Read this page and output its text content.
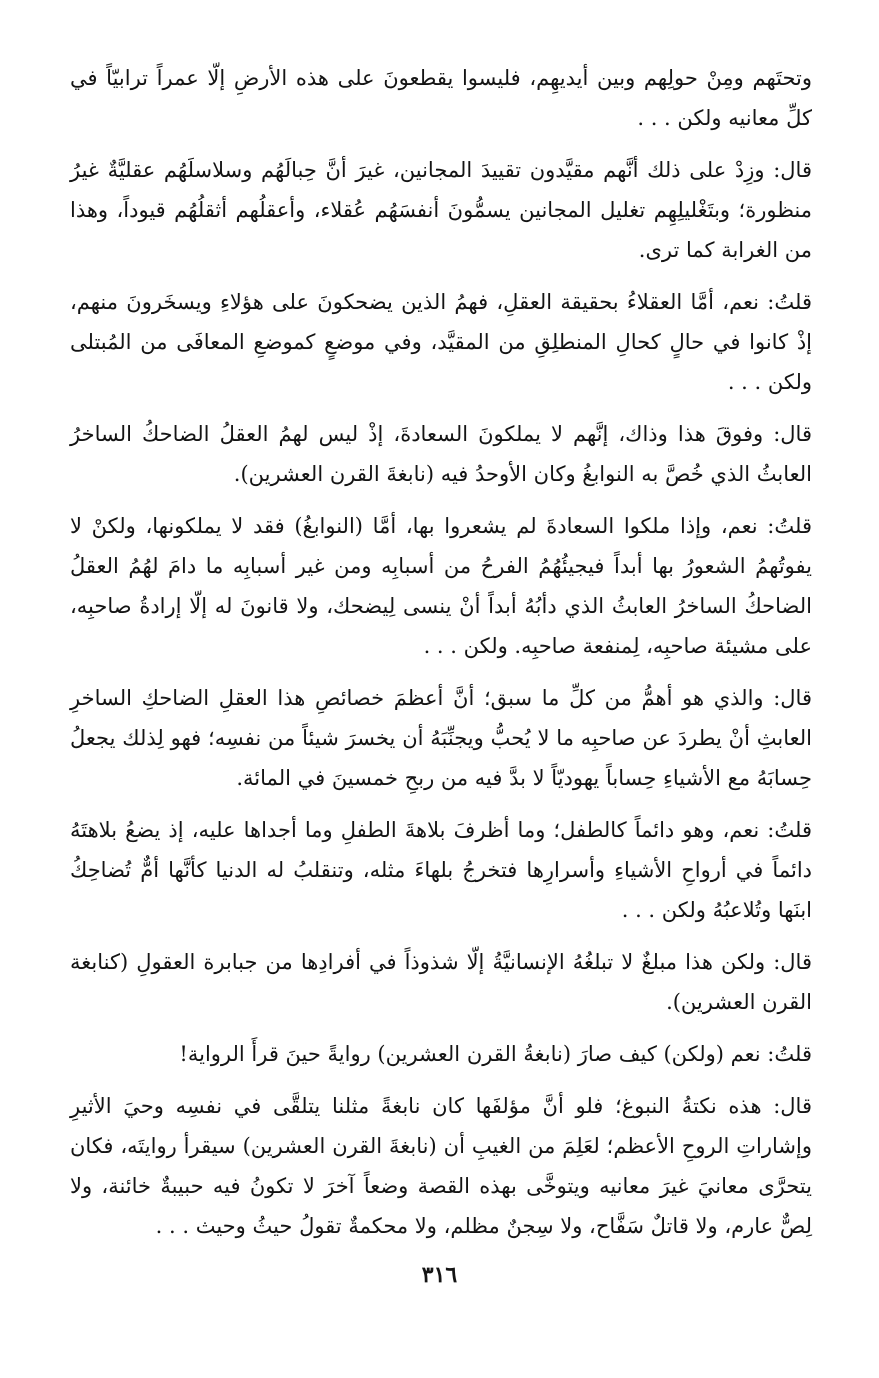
وتحتَهم ومِنْ حولِهم وبين أيديهِم، فليسوا يقطعونَ على هذه الأرضِ إلّا عمراً ترابيّاً في كلِّ معانيه ولكن . . .

قال: وزِدْ على ذلك أنَّهم مقيَّدون تقييدَ المجانين، غيرَ أنَّ حِبالَهُم وسلاسلَهُم عقليَّةٌ غيرُ منظورة؛ وبتَغْليلِهِم تغليل المجانين يسمُّونَ أنفسَهُم عُقلاء، وأعقلُهم أثقلُهُم قيوداً، وهذا من الغرابة كما ترى.

قلتُ: نعم، أمَّا العقلاءُ بحقيقة العقلِ، فهمُ الذين يضحكونَ على هؤلاءِ ويسخَرونَ منهم، إذْ كانوا في حالٍ كحالِ المنطلِقِ من المقيَّد، وفي موضعٍ كموضعِ المعافَى من المُبتلى ولكن . . .

قال: وفوقَ هذا وذاك، إنَّهم لا يملكونَ السعادةَ، إذْ ليس لهمُ العقلُ الضاحكُ الساخرُ العابثُ الذي خُصَّ به النوابغُ وكان الأوحدُ فيه (نابغةَ القرن العشرين).

قلتُ: نعم، وإذا ملكوا السعادةَ لم يشعروا بها، أمَّا (النوابغُ) فقد لا يملكونها، ولكنْ لا يفوتُهمُ الشعورُ بها أبداً فيجيئُهُمُ الفرحُ من أسبابِه ومن غير أسبابِه ما دامَ لهُمُ العقلُ الضاحكُ الساخرُ العابثُ الذي دأبُهُ أبداً أنْ ينسى لِيضحك، ولا قانونَ له إلّا إرادةُ صاحبِه، على مشيئة صاحبِه، لِمنفعة صاحبِه. ولكن . . .

قال: والذي هو أهمُّ من كلِّ ما سبق؛ أنَّ أعظمَ خصائصِ هذا العقلِ الضاحكِ الساخرِ العابثِ أنْ يطردَ عن صاحبِه ما لا يُحبُّ ويجنِّبَهُ أن يخسرَ شيئاً من نفسِه؛ فهو لِذلك يجعلُ حِسابَهُ مع الأشياءِ حِساباً يهوديّاً لا بدَّ فيه من ربحِ خمسينَ في المائة.

قلتُ: نعم، وهو دائماً كالطفل؛ وما أظرفَ بلاهةَ الطفلِ وما أجداها عليه، إذ يضعُ بلاهتَهُ دائماً في أرواحِ الأشياءِ وأسرارِها فتخرجُ بلهاءَ مثله، وتنقلبُ له الدنيا كأنَّها أمٌّ تُضاحِكُ ابنَها وتُلاعبُهُ ولكن . . .

قال: ولكن هذا مبلغٌ لا تبلغُهُ الإنسانيَّةُ إلّا شذوذاً في أفرادِها من جبابرة العقولِ (كنابغة القرن العشرين).

قلتُ: نعم (ولكن) كيف صارَ (نابغةُ القرن العشرين) روايةً حينَ قرأَ الرواية!

قال: هذه نكتةُ النبوغ؛ فلو أنَّ مؤلفَها كان نابغةً مثلنا يتلقَّى في نفسِه وحيَ الأثيرِ وإشاراتِ الروحِ الأعظم؛ لعَلِمَ من الغيبِ أن (نابغةَ القرن العشرين) سيقرأ روايتَه، فكان يتحرَّى معانيَ غيرَ معانيه ويتوخَّى بهذه القصة وضعاً آخرَ لا تكونُ فيه حبيبةٌ خائنة، ولا لِصٌّ عارم، ولا قاتلٌ سَفَّاح، ولا سِجنٌ مظلم، ولا محكمةٌ تقولُ حيثُ وحيث . . .

٣١٦
